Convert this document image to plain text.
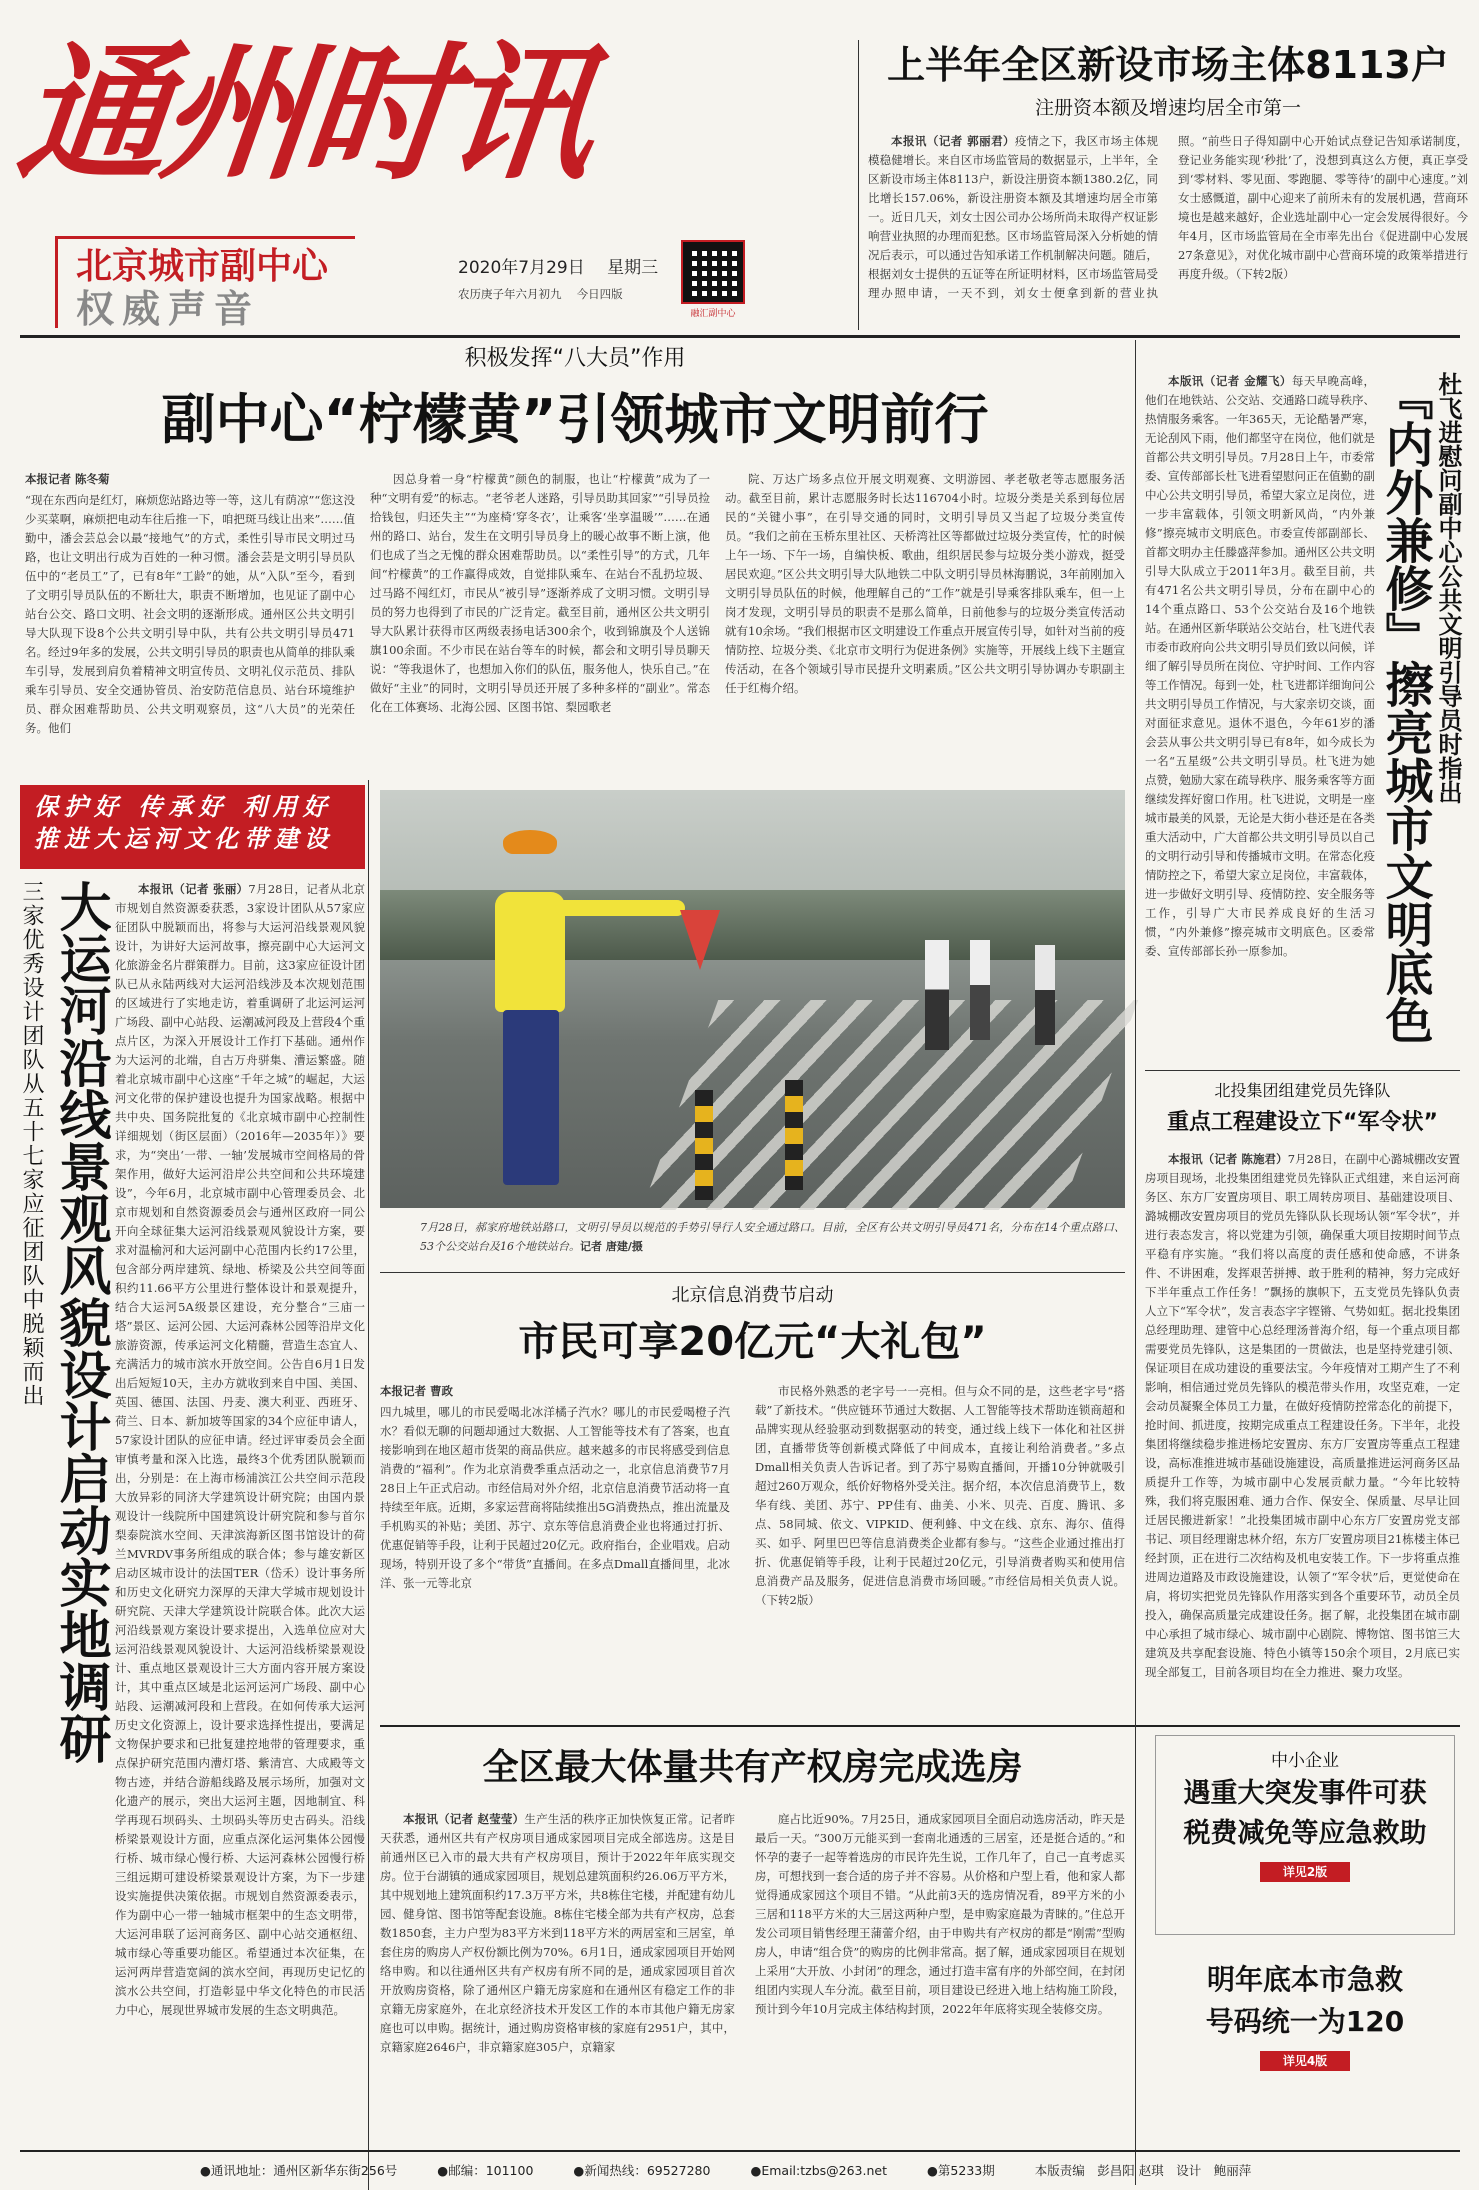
通州时讯
北京城市副中心
权威声音
2020年7月29日　 星期三
农历庚子年六月初九　 今日四版
融汇副中心
上半年全区新设市场主体8113户
注册资本额及增速均居全市第一
本报讯（记者 郭丽君）疫情之下，我区市场主体规模稳健增长。来自区市场监管局的数据显示，上半年，全区新设市场主体8113户，新设注册资本额1380.2亿，同比增长157.06%，新设注册资本额及其增速均居全市第一。近日几天，刘女士因公司办公场所尚未取得产权证影响营业执照的办理而犯愁。区市场监管局深入分析她的情况后表示，可以通过告知承诺工作机制解决问题。随后，根据刘女士提供的五证等在所证明材料，区市场监管局受理办照申请，一天不到，刘女士便拿到新的营业执照。“前些日子得知副中心开始试点登记告知承诺制度，登记业务能实现‘秒批’了，没想到真这么方便，真正享受到‘零材料、零见面、零跑腿、零等待’的副中心速度。”刘女士感慨道，副中心迎来了前所未有的发展机遇，营商环境也是越来越好，企业选址副中心一定会发展得很好。今年4月，区市场监管局在全市率先出台《促进副中心发展27条意见》，对优化城市副中心营商环境的政策举措进行再度升级。（下转2版）
积极发挥“八大员”作用
副中心“柠檬黄”引领城市文明前行
本报记者 陈冬菊
“现在东西向是红灯，麻烦您站路边等一等，这儿有荫凉”“您这没少买菜啊，麻烦把电动车往后推一下，咱把斑马线让出来”……值勤中，潘会芸总会以最“接地气”的方式，柔性引导市民文明过马路，也让文明出行成为百姓的一种习惯。潘会芸是文明引导员队伍中的“老员工”了，已有8年“工龄”的她，从“入队”至今，看到了文明引导员队伍的不断壮大，职责不断增加，也见证了副中心站台公交、路口文明、社会文明的逐渐形成。通州区公共文明引导大队现下设8个公共文明引导中队，共有公共文明引导员471名。经过9年多的发展，公共文明引导员的职责也从简单的排队乘车引导，发展到肩负着精神文明宣传员、文明礼仪示范员、排队乘车引导员、安全交通协管员、治安防范信息员、站台环境维护员、群众困难帮助员、公共文明观察员，这“八大员”的光荣任务。他们
因总身着一身“柠檬黄”颜色的制服，也让“柠檬黄”成为了一种“文明有爱”的标志。“老爷老人迷路，引导员助其回家”“引导员捡拾钱包，归还失主”“为座椅‘穿冬衣’，让乘客‘坐享温暖’”……在通州的路口、站台，发生在文明引导员身上的暖心故事不断上演，他们也成了当之无愧的群众困难帮助员。以“柔性引导”的方式，几年间“柠檬黄”的工作赢得成效，自觉排队乘车、在站台不乱扔垃圾、过马路不闯红灯，市民从“被引导”逐渐养成了文明习惯。文明引导员的努力也得到了市民的广泛肯定。截至目前，通州区公共文明引导大队累计获得市区两级表扬电话300余个，收到锦旗及个人送锦旗100余面。不少市民在站台等车的时候，都会和文明引导员聊天说：“等我退休了，也想加入你们的队伍，服务他人，快乐自己。”在做好“主业”的同时，文明引导员还开展了多种多样的“副业”。常态化在工体赛场、北海公园、区图书馆、梨园歌老
院、万达广场多点位开展文明观赛、文明游园、孝老敬老等志愿服务活动。截至目前，累计志愿服务时长达116704小时。垃圾分类是关系到每位居民的“关键小事”，在引导交通的同时，文明引导员又当起了垃圾分类宣传员。“我们之前在玉桥东里社区、天桥湾社区等都做过垃圾分类宣传，忙的时候上午一场、下午一场，自编快板、歌曲，组织居民参与垃圾分类小游戏，挺受居民欢迎。”区公共文明引导大队地铁二中队文明引导员林海鹏说，3年前刚加入文明引导员队伍的时候，他理解自己的“工作”就是引导乘客排队乘车，但一上岗才发现，文明引导员的职责不是那么简单，日前他参与的垃圾分类宣传活动就有10余场。“我们根据市区文明建设工作重点开展宣传引导，如针对当前的疫情防控、垃圾分类、《北京市文明行为促进条例》实施等，开展线上线下主题宣传活动，在各个领域引导市民提升文明素质。”区公共文明引导协调办专职副主任于红梅介绍。
保护好 传承好 利用好
推进大运河文化带建设
三家优秀设计团队从五十七家应征团队中脱颖而出 大运河沿线景观风貌设计启动实地调研	本报讯（记者 张丽）7月28日，记者从北京市规划自然资源委获悉，3家设计团队从57家应征团队中脱颖而出，将参与大运河沿线景观风貌设计，为讲好大运河故事，擦亮副中心大运河文化旅游金名片群策群力。目前，这3家应征设计团队已从永陆两线对大运河沿线涉及本次规划范围的区域进行了实地走访，着重调研了北运河运河广场段、副中心站段、运潮减河段及上营段4个重点片区，为深入开展设计工作打下基础。通州作为大运河的北端，自古万舟骈集、漕运繁盛。随着北京城市副中心这座“千年之城”的崛起，大运河文化带的保护建设也提升为国家战略。根据中共中央、国务院批复的《北京城市副中心控制性详细规划（街区层面）（2016年—2035年）》要求，为“突出‘一带、一轴’发展城市空间格局的骨架作用，做好大运河沿岸公共空间和公共环境建设”，今年6月，北京城市副中心管理委员会、北京市规划和自然资源委员会与通州区政府一同公开向全球征集大运河沿线景观风貌设计方案，要求对温榆河和大运河副中心范围内长约17公里，包含部分两岸建筑、绿地、桥梁及公共空间等面积约11.66平方公里进行整体设计和景观提升，结合大运河5A级景区建设，充分整合“三庙一塔”景区、运河公园、大运河森林公园等沿岸文化旅游资源，传承运河文化精髓，营造生态宜人、充满活力的城市滨水开放空间。公告自6月1日发出后短短10天，主办方就收到来自中国、美国、英国、德国、法国、丹麦、澳大利亚、西班牙、荷兰、日本、新加坡等国家的34个应征申请人，57家设计团队的应征申请。经过评审委员会全面审慎考量和深入比选，最终3个优秀团队脱颖而出，分别是：在上海市杨浦滨江公共空间示范段大放异彩的同济大学建筑设计研究院；由国内景观设计一线院所中国建筑设计研究院和参与首尔梨泰院滨水空间、天津滨海新区图书馆设计的荷兰MVRDV事务所组成的联合体；参与雄安新区启动区城市设计的法国TER（岱禾）设计事务所和历史文化研究力深厚的天津大学城市规划设计研究院、天津大学建筑设计院联合体。此次大运河沿线景观方案设计要求提出，入选单位应对大运河沿线景观风貌设计、大运河沿线桥梁景观设计、重点地区景观设计三大方面内容开展方案设计，其中重点区域是北运河运河广场段、副中心站段、运潮减河段和上营段。在如何传承大运河历史文化资源上，设计要求选择性提出，要满足文物保护要求和已批复建控地带的管理要求，重点保护研究范围内漕灯塔、紫清宫、大成殿等文物古迹，并结合游船线路及展示场所，加强对文化遗产的展示，突出大运河主题，因地制宜、科学再现石坝码头、土坝码头等历史古码头。沿线桥梁景观设计方面，应重点深化运河集体公园慢行桥、城市绿心慢行桥、大运河森林公园慢行桥三组远期可建设桥梁景观设计方案，为下一步建设实施提供决策依据。市规划自然资源委表示，作为副中心一带一轴城市框架中的生态文明带，大运河串联了运河商务区、副中心站交通枢纽、城市绿心等重要功能区。希望通过本次征集，在运河两岸营造宽阔的滨水空间，再现历史记忆的滨水公共空间，打造彰显中华文化特色的市民活力中心，展现世界城市发展的生态文明典范。
7月28日，郝家府地铁站路口，文明引导员以规范的手势引导行人安全通过路口。目前，全区有公共文明引导员471名，分布在14个重点路口、53个公交站台及16个地铁站台。记者 唐建/摄
北京信息消费节启动
市民可享20亿元“大礼包”
本报记者 曹政
四九城里，哪儿的市民爱喝北冰洋橘子汽水？哪儿的市民爱喝橙子汽水？看似无聊的问题却通过大数据、人工智能等技术有了答案，也直接影响到在地区超市货架的商品供应。越来越多的市民将感受到信息消费的“福利”。作为北京消费季重点活动之一，北京信息消费节7月28日上午正式启动。市经信局对外介绍，北京信息消费节活动将一直持续至年底。近期，多家运营商将陆续推出5G消费热点，推出流量及手机购买的补贴；美团、苏宁、京东等信息消费企业也将通过打折、优惠促销等手段，让利于民超过20亿元。政府指台，企业唱戏。启动现场，特别开设了多个“带货”直播间。在多点Dmall直播间里，北冰洋、张一元等北京
市民格外熟悉的老字号一一亮相。但与众不同的是，这些老字号“搭载”了新技术。“供应链环节通过大数据、人工智能等技术帮助连锁商超和品牌实现从经验驱动到数据驱动的转变，通过线上线下一体化和社区拼团，直播带货等创新模式降低了中间成本，直接让利给消费者。”多点Dmall相关负责人告诉记者。到了苏宁易购直播间，开播10分钟就吸引超过260万观众，纸价好物格外受关注。据介绍，本次信息消费节上，数华有线、美团、苏宁、PP佳有、曲美、小米、贝壳、百度、腾讯、多点、58同城、依文、VIPKID、便利蜂、中文在线、京东、海尔、值得买、如乎、阿里巴巴等信息消费类企业都有参与。“这些企业通过推出打折、优惠促销等手段，让利于民超过20亿元，引导消费者购买和使用信息消费产品及服务，促进信息消费市场回暖。”市经信局相关负责人说。（下转2版）
全区最大体量共有产权房完成选房
本报讯（记者 赵莹莹）生产生活的秩序正加快恢复正常。记者昨天获悉，通州区共有产权房项目通成家园项目完成全部选房。这是目前通州区已入市的最大共有产权房项目，预计于2022年年底实现交房。位于台湖镇的通成家园项目，规划总建筑面积约26.06万平方米，其中规划地上建筑面积约17.3万平方米，共8栋住宅楼，并配建有幼儿园、健身馆、图书馆等配套设施。8栋住宅楼全部为共有产权房，总套数1850套，主力户型为83平方米到118平方米的两居室和三居室，单套住房的购房人产权份额比例为70%。6月1日，通成家园项目开始网络申购。和以往通州区共有产权房有所不同的是，通成家园项目首次开放购房资格，除了通州区户籍无房家庭和在通州区有稳定工作的非京籍无房家庭外，在北京经济技术开发区工作的本市其他户籍无房家庭也可以申购。据统计，通过购房资格审核的家庭有2951户，其中，京籍家庭2646户，非京籍家庭305户，京籍家
庭占比近90%。7月25日，通成家园项目全面启动选房活动，昨天是最后一天。“300万元能买到一套南北通透的三居室，还是挺合适的。”和怀孕的妻子一起等着选房的市民许先生说，工作几年了，自己一直考虑买房，可想找到一套合适的房子并不容易。从价格和户型上看，他和家人都觉得通成家园这个项目不错。“从此前3天的选房情况看，89平方米的小三居和118平方米的大三居这两种户型，是申购家庭最为青睐的。”住总开发公司项目销售经理王蒲蕾介绍，由于申购共有产权房的都是“刚需”型购房人，申请“组合贷”的购房的比例非常高。据了解，通成家园项目在规划上采用“大开放、小封闭”的理念，通过打造丰富有序的外部空间，在封闭组团内实现人车分流。截至目前，项目建设已经进入地上结构施工阶段，预计到今年10月完成主体结构封顶，2022年年底将实现全装修交房。
本版讯（记者 金耀飞）每天早晚高峰，他们在地铁站、公交站、交通路口疏导秩序、热情服务乘客。一年365天，无论酷暑严寒，无论刮风下雨，他们都坚守在岗位，他们就是首都公共文明引导员。7月28日上午，市委常委、宣传部部长杜飞进看望慰问正在值勤的副中心公共文明引导员，希望大家立足岗位，进一步丰富载体，引领文明新风尚，“内外兼修”擦亮城市文明底色。市委宣传部副部长、首都文明办主任滕盛萍参加。通州区公共文明引导大队成立于2011年3月。截至目前，共有471名公共文明引导员，分布在副中心的14个重点路口、53个公交站台及16个地铁站。在通州区新华联站公交站台，杜飞进代表市委市政府向公共文明引导员们致以问候，详细了解引导员所在岗位、守护时间、工作内容等工作情况。每到一处，杜飞进都详细询问公共文明引导员工作情况，与大家亲切交谈，面对面征求意见。退休不退色，今年61岁的潘会芸从事公共文明引导已有8年，如今成长为一名“五星级”公共文明引导员。杜飞进为她点赞，勉励大家在疏导秩序、服务乘客等方面继续发挥好窗口作用。杜飞进说，文明是一座城市最美的风景，无论是大街小巷还是在各类重大活动中，广大首都公共文明引导员以自己的文明行动引导和传播城市文明。在常态化疫情防控之下，希望大家立足岗位，丰富载体，进一步做好文明引导、疫情防控、安全服务等工作，引导广大市民养成良好的生活习惯，“内外兼修”擦亮城市文明底色。区委常委、宣传部部长孙一原参加。
杜飞进慰问副中心公共文明引导员时指出
『内外兼修』擦亮城市文明底色
北投集团组建党员先锋队
重点工程建设立下“军令状”
本报讯（记者 陈施君）7月28日，在副中心潞城棚改安置房项目现场，北投集团组建党员先锋队正式组建，来自运河商务区、东方厂安置房项目、职工周转房项目、基础建设项目、潞城棚改安置房项目的党员先锋队队长现场认领“军令状”，并进行表态发言，将以党建为引领，确保重大项目按期时间节点平稳有序实施。“我们将以高度的责任感和使命感，不讲条件、不讲困难，发挥艰苦拼搏、敢于胜利的精神，努力完成好下半年重点工作任务！”飘扬的旗帜下，五支党员先锋队负责人立下“军令状”，发言表态字字铿锵、气势如虹。据北投集团总经理助理、建管中心总经理汤普海介绍，每一个重点项目都需要党员先锋队，这是集团的一贯做法，也是坚持党建引领、保证项目在成功建设的重要法宝。今年疫情对工期产生了不利影响，相信通过党员先锋队的模范带头作用，攻坚克难，一定会动员凝聚全体员工力量，在做好疫情防控常态化的前提下，抢时间、抓进度，按期完成重点工程建设任务。下半年，北投集团将继续稳步推进杨坨安置房、东方厂安置房等重点工程建设，高标准推进城市基础设施建设，高质量推进运河商务区品质提升工作等，为城市副中心发展贡献力量。“今年比较特殊，我们将克服困难、通力合作、保安全、保质量、尽早让回迁居民搬进新家！”北投集团城市副中心东方厂安置房党支部书记、项目经理谢忠林介绍，东方厂安置房项目21栋楼主体已经封顶，正在进行二次结构及机电安装工作。下一步将重点推进周边道路及市政设施建设，认领了“军令状”后，更觉使命在肩，将切实把党员先锋队作用落实到各个重要环节，动员全员投入，确保高质量完成建设任务。据了解，北投集团在城市副中心承担了城市绿心、城市副中心剧院、博物馆、图书馆三大建筑及共享配套设施、特色小镇等150余个项目，2月底已实现全部复工，目前各项目均在全力推进、聚力攻坚。
中小企业
遇重大突发事件可获
税费减免等应急救助
详见2版
明年底本市急救
号码统一为120
详见4版
●通讯地址：通州区新华东街256号	●邮编：101100	●新闻热线：69527280	●Email:tzbs@263.net	●第5233期	本版责编　彭昌阳 赵琪　设计　鲍丽萍
